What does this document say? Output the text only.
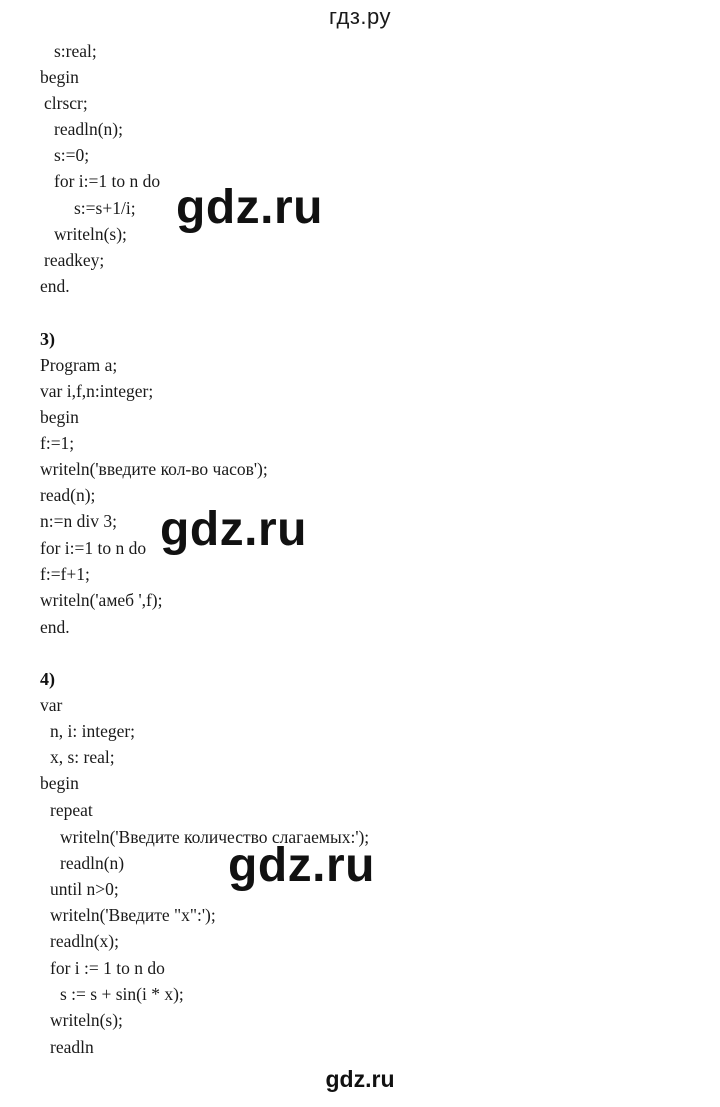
гдз.ру
s:real;
begin
clrscr;
readln(n);
s:=0;
for i:=1 to n do
s:=s+1/i;
writeln(s);
readkey;
end.
3)
Program a;
var i,f,n:integer;
begin
f:=1;
writeln('введите кол-во часов');
read(n);
n:=n div 3;
for i:=1 to n do
f:=f+1;
writeln('амеб ',f);
end.
4)
var
n, i: integer;
x, s: real;
begin
repeat
writeln('Введите количество слагаемых:');
readln(n)
until n>0;
writeln('Введите "x":');
readln(x);
for i := 1 to n do
s := s + sin(i * x);
writeln(s);
readln
gdz.ru
gdz.ru
gdz.ru
gdz.ru
